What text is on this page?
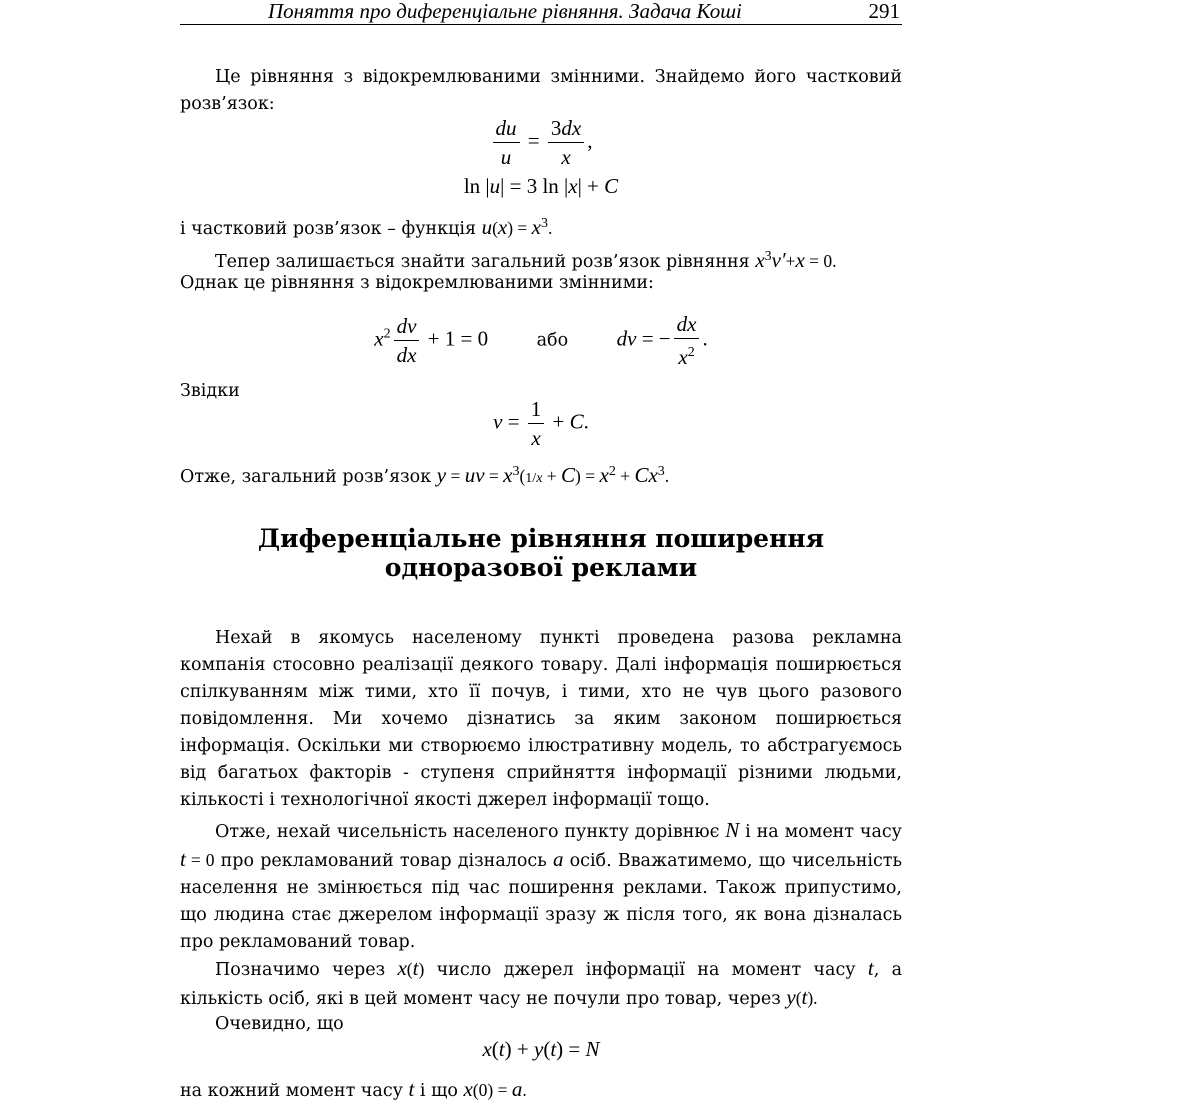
Поняття про диференціальне рівняння. Задача Коші	291
Це рівняння з відокремлюваними змінними. Знайдемо його частковий розв’язок:
$\frac{du}{u} = \frac{3dx}{x}$ ,
ln |u| = 3 ln |x| + C
і частковий розв’язок – функція $u(x) = x^3$.
Тепер залишається знайти загальний розв’язок рівняння $x^3v'+x = 0$.
Однак це рівняння з відокремлюваними змінними:
$x^2 \frac{dv}{dx} + 1 = 0$  або dv = − $\frac{dx}{x^2}$ .
Звідки
$v = \frac{1}{x} + C$.
Отже, загальний розв’язок y = uv = $x^3(1/x + C) = x^2 + Cx^3$.
Диференціальне рівняння поширення
одноразової реклами
Нехай в якомусь населеному пункті проведена разова рекламна компанія стосовно реалізації деякого товару. Далі інформація поширюється спілкуванням між тими, хто її почув, і тими, хто не чув цього разового повідомлення. Ми хочемо дізнатись за яким законом поширюється інформація. Оскільки ми створюємо ілюстративну модель, то абстрагуємось від багатьох факторів - ступеня сприйняття інформації різними людьми, кількості і технологічної якості джерел інформації тощо.
Отже, нехай чисельність населеного пункту дорівнює N і на момент часу t = 0 про рекламований товар дізналось a осіб. Вважатимемо, що чисельність населення не змінюється під час поширення реклами. Також припустимо, що людина стає джерелом інформації зразу ж після того, як вона дізналась про рекламований товар.
Позначимо через x(t) число джерел інформації на момент часу t, а кількість осіб, які в цей момент часу не почули про товар, через y(t).
Очевидно, що
x(t) + y(t) = N
на кожний момент часу t і що x(0) = a.
